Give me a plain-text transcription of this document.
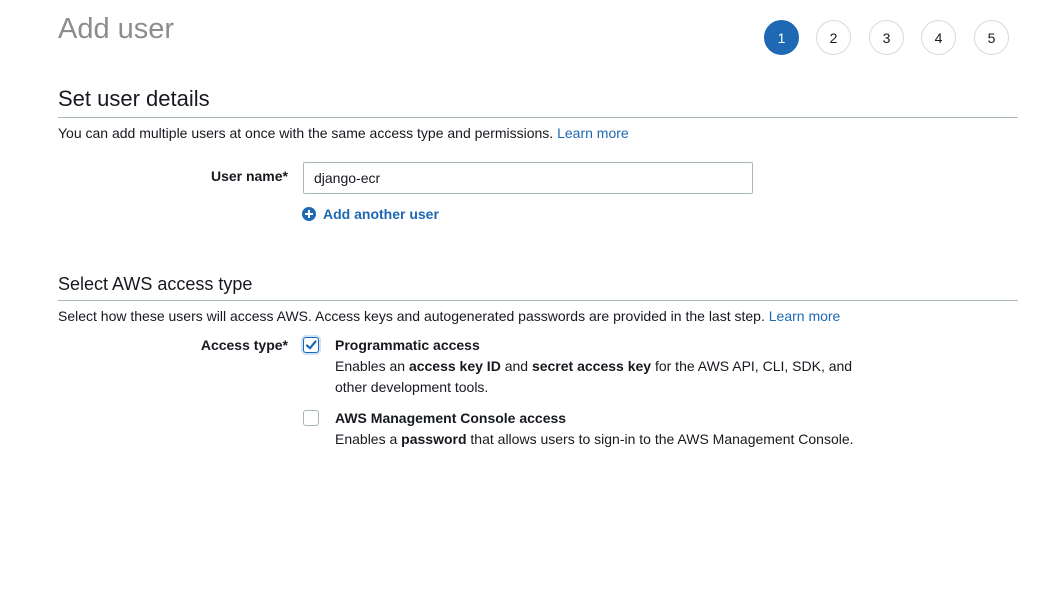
Add user	1	2	3	4	5
Set user details
You can add multiple users at once with the same access type and permissions. Learn more
User name*
django-ecr
Add another user
Select AWS access type
Select how these users will access AWS. Access keys and autogenerated passwords are provided in the last step. Learn more
Access type*	Programmatic access
Enables an access key ID and secret access key for the AWS API, CLI, SDK, and other development tools.
AWS Management Console access
Enables a password that allows users to sign-in to the AWS Management Console.
